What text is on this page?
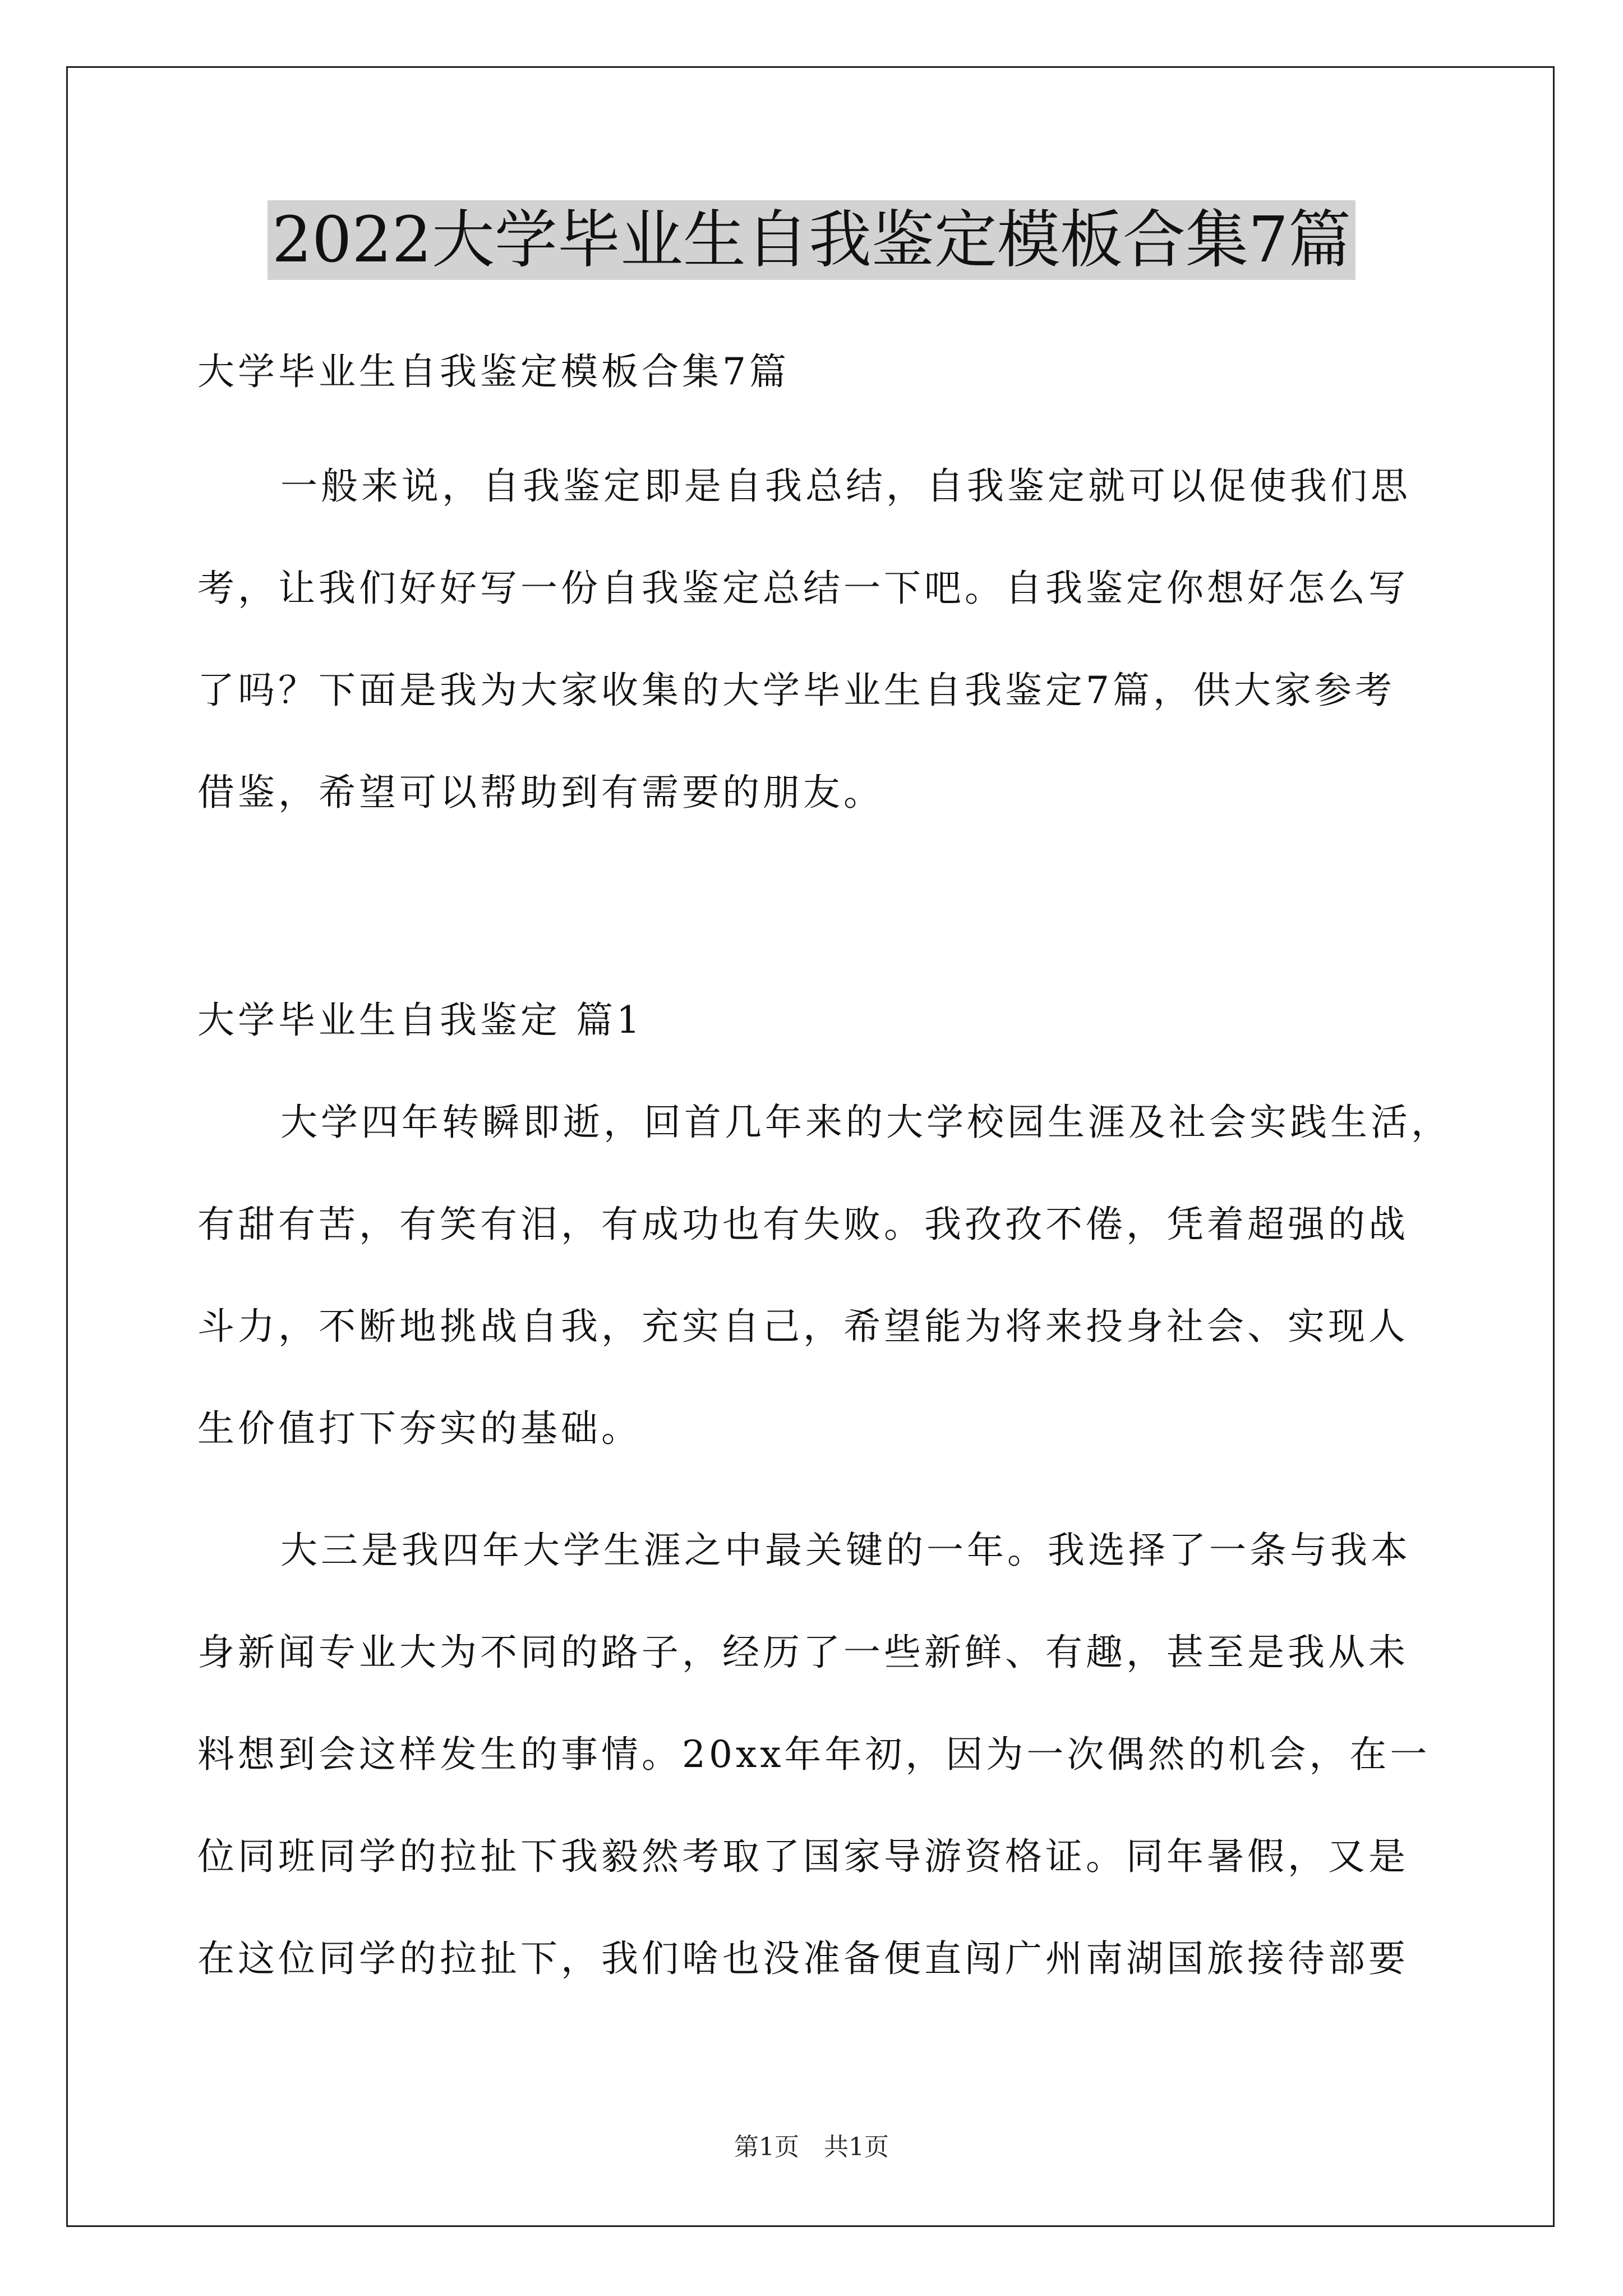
2022大学毕业生自我鉴定模板合集7篇
大学毕业生自我鉴定模板合集7篇
一般来说，自我鉴定即是自我总结，自我鉴定就可以促使我们思
考，让我们好好写一份自我鉴定总结一下吧。自我鉴定你想好怎么写
了吗？下面是我为大家收集的大学毕业生自我鉴定7篇，供大家参考
借鉴，希望可以帮助到有需要的朋友。
大学毕业生自我鉴定 篇1
大学四年转瞬即逝，回首几年来的大学校园生涯及社会实践生活，
有甜有苦，有笑有泪，有成功也有失败。我孜孜不倦，凭着超强的战
斗力，不断地挑战自我，充实自己，希望能为将来投身社会、实现人
生价值打下夯实的基础。
大三是我四年大学生涯之中最关键的一年。我选择了一条与我本
身新闻专业大为不同的路子，经历了一些新鲜、有趣，甚至是我从未
料想到会这样发生的事情。20xx年年初，因为一次偶然的机会，在一
位同班同学的拉扯下我毅然考取了国家导游资格证。同年暑假，又是
在这位同学的拉扯下，我们啥也没准备便直闯广州南湖国旅接待部要
第1页　共1页
